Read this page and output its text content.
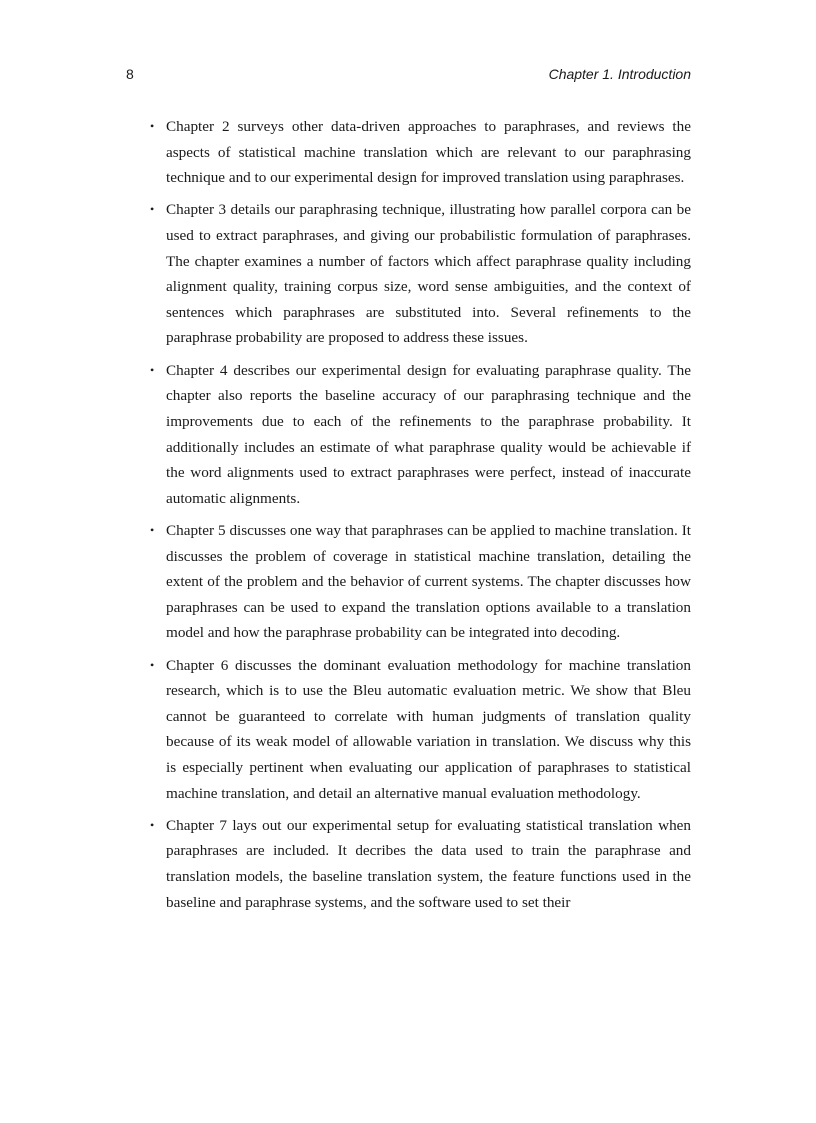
8	Chapter 1. Introduction
• Chapter 2 surveys other data-driven approaches to paraphrases, and reviews the aspects of statistical machine translation which are relevant to our paraphrasing technique and to our experimental design for improved translation using paraphrases.
• Chapter 3 details our paraphrasing technique, illustrating how parallel corpora can be used to extract paraphrases, and giving our probabilistic formulation of paraphrases. The chapter examines a number of factors which affect paraphrase quality including alignment quality, training corpus size, word sense ambiguities, and the context of sentences which paraphrases are substituted into. Several refinements to the paraphrase probability are proposed to address these issues.
• Chapter 4 describes our experimental design for evaluating paraphrase quality. The chapter also reports the baseline accuracy of our paraphrasing technique and the improvements due to each of the refinements to the paraphrase probability. It additionally includes an estimate of what paraphrase quality would be achievable if the word alignments used to extract paraphrases were perfect, instead of inaccurate automatic alignments.
• Chapter 5 discusses one way that paraphrases can be applied to machine translation. It discusses the problem of coverage in statistical machine translation, detailing the extent of the problem and the behavior of current systems. The chapter discusses how paraphrases can be used to expand the translation options available to a translation model and how the paraphrase probability can be integrated into decoding.
• Chapter 6 discusses the dominant evaluation methodology for machine translation research, which is to use the Bleu automatic evaluation metric. We show that Bleu cannot be guaranteed to correlate with human judgments of translation quality because of its weak model of allowable variation in translation. We discuss why this is especially pertinent when evaluating our application of paraphrases to statistical machine translation, and detail an alternative manual evaluation methodology.
• Chapter 7 lays out our experimental setup for evaluating statistical translation when paraphrases are included. It decribes the data used to train the paraphrase and translation models, the baseline translation system, the feature functions used in the baseline and paraphrase systems, and the software used to set their
